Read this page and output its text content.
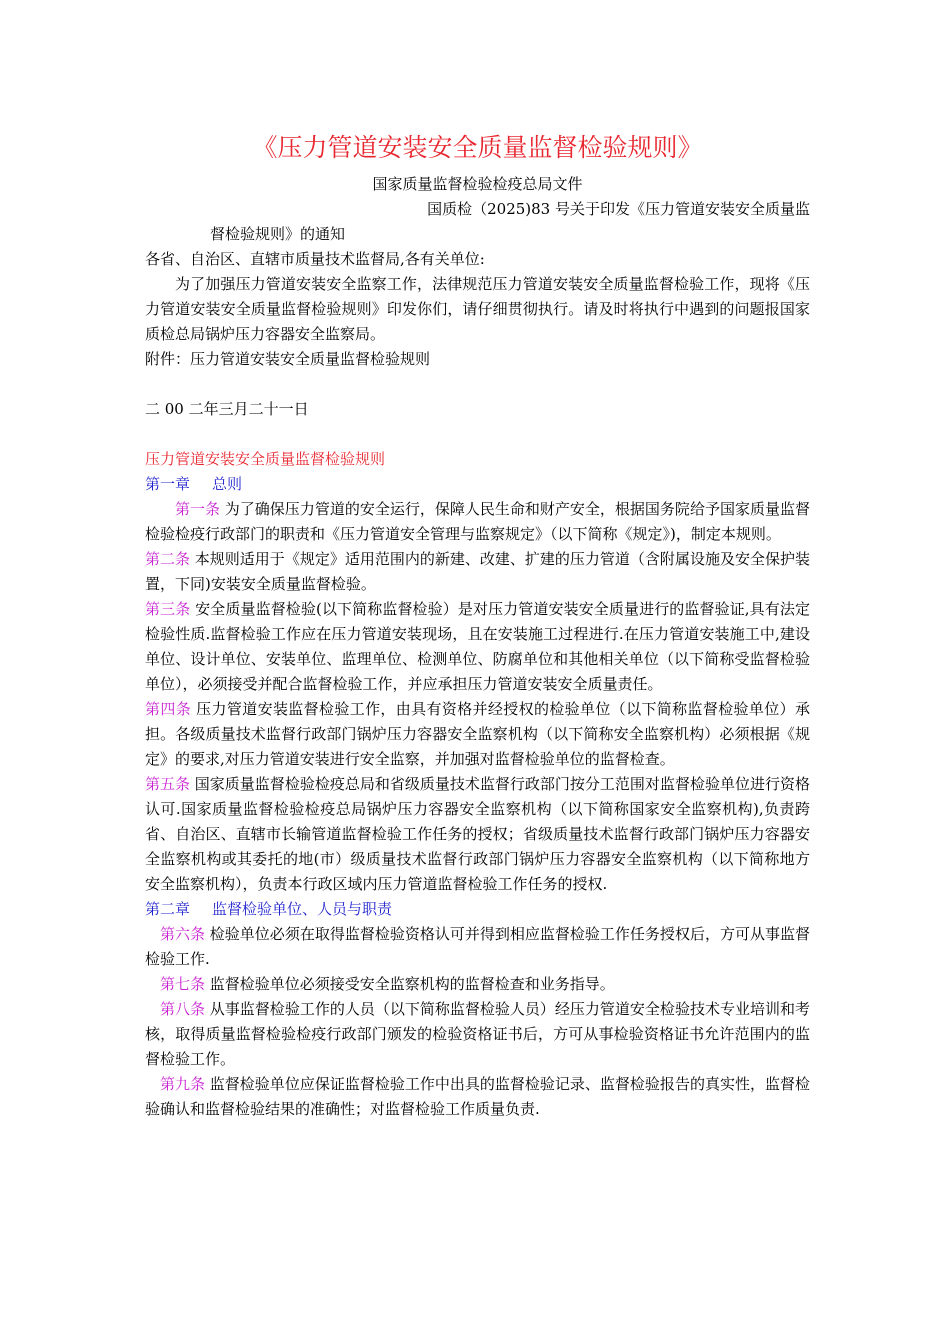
《压力管道安装安全质量监督检验规则》

国家质量监督检验检疫总局文件

国质检（2025)83 号关于印发《压力管道安装安全质量监

督检验规则》的通知

各省、自治区、直辖市质量技术监督局,各有关单位:

为了加强压力管道安装安全监察工作，法律规范压力管道安装安全质量监督检验工作，现将《压力管道安装安全质量监督检验规则》印发你们，请仔细贯彻执行。请及时将执行中遇到的问题报国家质检总局锅炉压力容器安全监察局。

附件：压力管道安装安全质量监督检验规则

二 00 二年三月二十一日

压力管道安装安全质量监督检验规则

第一章 总则

第一条 为了确保压力管道的安全运行，保障人民生命和财产安全，根据国务院给予国家质量监督检验检疫行政部门的职责和《压力管道安全管理与监察规定》（以下简称《规定》)，制定本规则。

第二条 本规则适用于《规定》适用范围内的新建、改建、扩建的压力管道（含附属设施及安全保护装置，下同)安装安全质量监督检验。

第三条 安全质量监督检验(以下简称监督检验）是对压力管道安装安全质量进行的监督验证,具有法定检验性质.监督检验工作应在压力管道安装现场，且在安装施工过程进行.在压力管道安装施工中,建设单位、设计单位、安装单位、监理单位、检测单位、防腐单位和其他相关单位（以下简称受监督检验单位），必须接受并配合监督检验工作，并应承担压力管道安装安全质量责任。

第四条 压力管道安装监督检验工作，由具有资格并经授权的检验单位（以下简称监督检验单位）承担。各级质量技术监督行政部门锅炉压力容器安全监察机构（以下简称安全监察机构）必须根据《规定》的要求,对压力管道安装进行安全监察，并加强对监督检验单位的监督检查。

第五条 国家质量监督检验检疫总局和省级质量技术监督行政部门按分工范围对监督检验单位进行资格认可.国家质量监督检验检疫总局锅炉压力容器安全监察机构（以下简称国家安全监察机构),负责跨省、自治区、直辖市长输管道监督检验工作任务的授权；省级质量技术监督行政部门锅炉压力容器安全监察机构或其委托的地(市）级质量技术监督行政部门锅炉压力容器安全监察机构（以下简称地方安全监察机构），负责本行政区域内压力管道监督检验工作任务的授权.

第二章 监督检验单位、人员与职责

第六条 检验单位必须在取得监督检验资格认可并得到相应监督检验工作任务授权后，方可从事监督检验工作.

第七条 监督检验单位必须接受安全监察机构的监督检查和业务指导。

第八条 从事监督检验工作的人员（以下简称监督检验人员）经压力管道安全检验技术专业培训和考核，取得质量监督检验检疫行政部门颁发的检验资格证书后，方可从事检验资格证书允许范围内的监督检验工作。

第九条 监督检验单位应保证监督检验工作中出具的监督检验记录、监督检验报告的真实性，监督检验确认和监督检验结果的准确性；对监督检验工作质量负责.
